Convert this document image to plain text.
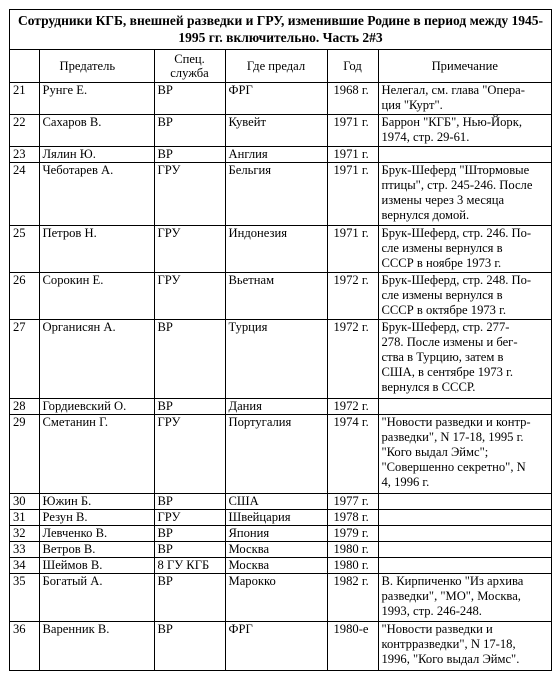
Сотрудники КГБ, внешней разведки и ГРУ, изменившие Родине в период между 1945-1995 гг. включительно. Часть 2#3
	Предатель	Спец.
служба	Где предал	Год	Примечание
21	Рунге Е.	ВР	ФРГ	1968 г.	Нелегал, см. глава "Опера-
ция "Курт".
22	Сахаров В.	ВР	Кувейт	1971 г.	Баррон "КГБ", Нью-Йорк,
1974, стр. 29-61.
23	Лялин Ю.	ВР	Англия	1971 г.	
24	Чеботарев А.	ГРУ	Бельгия	1971 г.	Брук-Шеферд "Штормовые
птицы", стр. 245-246. После
измены через 3 месяца
вернулся домой.
25	Петров Н.	ГРУ	Индонезия	1971 г.	Брук-Шеферд, стр. 246. По-
сле измены вернулся в
СССР в ноябре 1973 г.
26	Сорокин Е.	ГРУ	Вьетнам	1972 г.	Брук-Шеферд, стр. 248. По-
сле измены вернулся в
СССР в октябре 1973 г.
27	Органисян А.	ВР	Турция	1972 г.	Брук-Шеферд, стр. 277-
278. После измены и бег-
ства в Турцию, затем в
США, в сентябре 1973 г.
вернулся в СССР.
28	Гордиевский О.	ВР	Дания	1972 г.	
29	Сметанин Г.	ГРУ	Португалия	1974 г.	"Новости разведки и контр-
разведки", N 17-18, 1995 г.
"Кого выдал Эймс";
"Совершенно секретно", N
4, 1996 г.
30	Южин Б.	ВР	США	1977 г.	
31	Резун В.	ГРУ	Швейцария	1978 г.	
32	Левченко В.	ВР	Япония	1979 г.	
33	Ветров В.	ВР	Москва	1980 г.	
34	Шеймов В.	8 ГУ КГБ	Москва	1980 г.	
35	Богатый А.	ВР	Марокко	1982 г.	В. Кирпиченко "Из архива
разведки", "МО", Москва,
1993, стр. 246-248.
36	Варенник В.	ВР	ФРГ	1980-е	"Новости разведки и
контрразведки", N 17-18,
1996, "Кого выдал Эймс".
